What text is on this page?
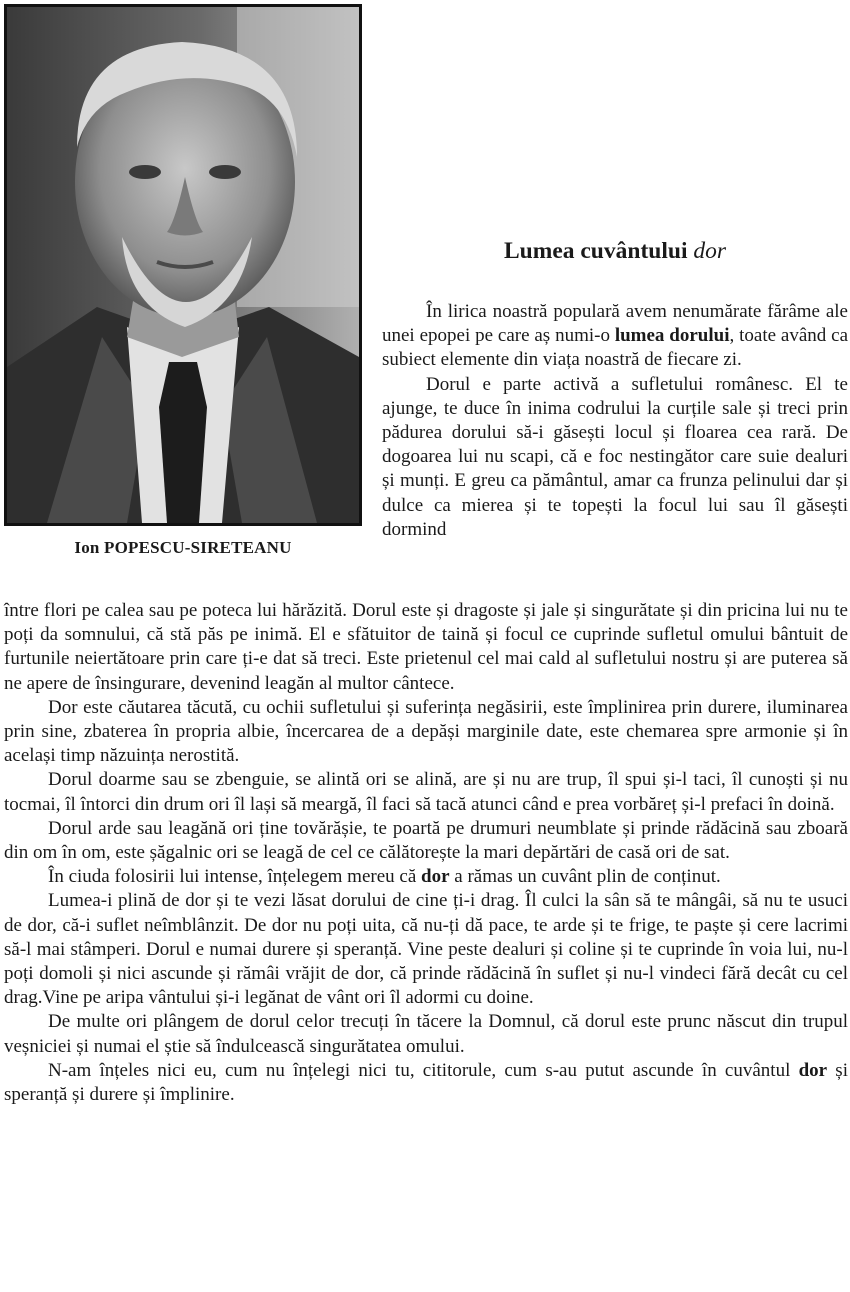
Ion POPESCU-SIRETEANU
Lumea cuvântului dor

În lirica noastră populară avem nenumărate fărâme ale unei epopei pe care aș numi-o lumea dorului, toate având ca subiect elemente din viața noastră de fiecare zi.

Dorul e parte activă a sufletului românesc. El te ajunge, te duce în inima codrului la curțile sale și treci prin pădurea dorului să-i găsești locul și floarea cea rară. De dogoarea lui nu scapi, că e foc nestingător care suie dealuri și munți. E greu ca pământul, amar ca frunza pelinului dar și dulce ca mierea și te topești la focul lui sau îl găsești dormind

între flori pe calea sau pe poteca lui hărăzită. Dorul este și dragoste și jale și singurătate și din pricina lui nu te poți da somnului, că stă păs pe inimă. El e sfătuitor de taină și focul ce cuprinde sufletul omului bântuit de furtunile neiertătoare prin care ți-e dat să treci. Este prietenul cel mai cald al sufletului nostru și are puterea să ne apere de însingurare, devenind leagăn al multor cântece.

Dor este căutarea tăcută, cu ochii sufletului și suferința negăsirii, este împlinirea prin durere, iluminarea prin sine, zbaterea în propria albie, încercarea de a depăși marginile date, este chemarea spre armonie și în același timp năzuința nerostită.

Dorul doarme sau se zbenguie, se alintă ori se alină, are și nu are trup, îl spui și-l taci, îl cunoști și nu tocmai, îl întorci din drum ori îl lași să meargă, îl faci să tacă atunci când e prea vorbăreț și-l prefaci în doină.

Dorul arde sau leagănă ori ține tovărășie, te poartă pe drumuri neumblate și prinde rădăcină sau zboară din om în om, este șăgalnic ori se leagă de cel ce călătorește la mari depărtări de casă ori de sat.

În ciuda folosirii lui intense, înțelegem mereu că dor a rămas un cuvânt plin de conținut.

Lumea-i plină de dor și te vezi lăsat dorului de cine ți-i drag. Îl culci la sân să te mângâi, să nu te usuci de dor, că-i suflet neîmblânzit. De dor nu poți uita, că nu-ți dă pace, te arde și te frige, te paște și cere lacrimi să-l mai stâmperi. Dorul e numai durere și speranță. Vine peste dealuri și coline și te cuprinde în voia lui, nu-l poți domoli și nici ascunde și rămâi vrăjit de dor, că prinde rădăcină în suflet și nu-l vindeci fără decât cu cel drag.Vine pe aripa vântului și-i legănat de vânt ori îl adormi cu doine.

De multe ori plângem de dorul celor trecuți în tăcere la Domnul, că dorul este prunc născut din trupul veșniciei și numai el știe să îndulcească singurătatea omului.

N-am înțeles nici eu, cum nu înțelegi nici tu, cititorule, cum s-au putut ascunde în cuvântul dor și speranță și durere și împlinire.
